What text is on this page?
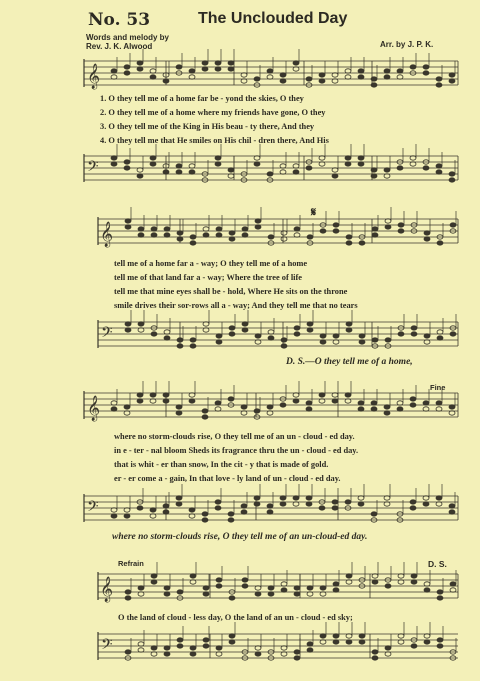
No. 53	The Unclouded Day
Words and melody by
Rev. J. K. Alwood	Arr. by J. P. K.
𝄞
1. O they tell me of a home far be - yond the skies, O they
2. O they tell me of a home where my friends have gone, O they
3. O they tell me of the King in His beau - ty there, And they
4. O they tell me that He smiles on His chil - dren there, And His
𝄢
𝄋
𝄞
tell me of a home far a - way; O they tell me of a home
tell me of that land far a - way; Where the tree of life
tell me that mine eyes shall be - hold, Where He sits on the throne
smile drives their sor-rows all a - way; And they tell me that no tears
𝄢
D. S.—O they tell me of a home,
Fine
𝄞
where no storm-clouds rise, O they tell me of an un - cloud - ed day.
in e - ter - nal bloom Sheds its fragrance thru the un - cloud - ed day.
that is whit - er than snow, In the cit - y that is made of gold.
er - er come a - gain, In that love - ly land of un - cloud - ed day.
𝄢
where no storm-clouds rise, O they tell me of an un-cloud-ed day.
Refrain	D. S.
𝄞
O the land of cloud - less day, O the land of an un - cloud - ed sky;
𝄢
